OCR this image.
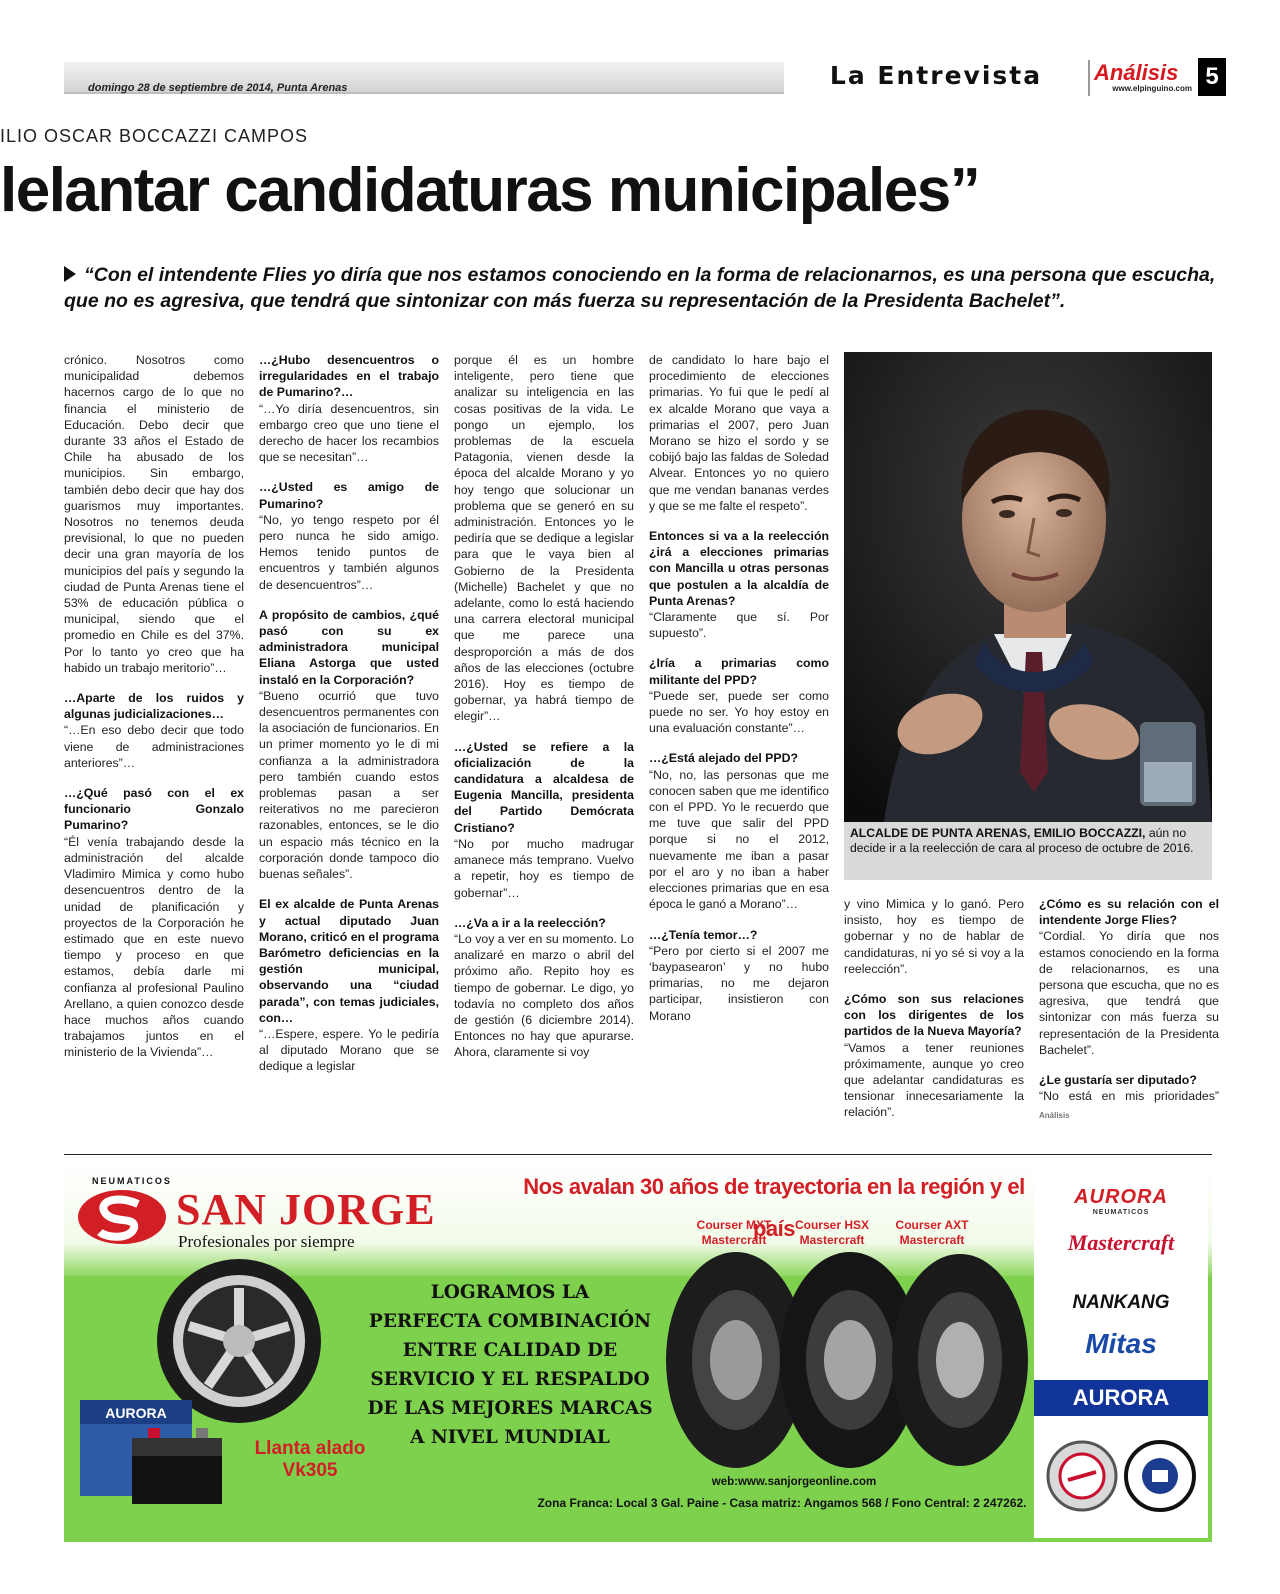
domingo 28 de septiembre de 2014, Punta Arenas	La Entrevista	Análisis
www.elpinguino.com 5
ILIO OSCAR BOCCAZZI CAMPOS
lelantar candidaturas municipales”
“Con el intendente Flies yo diría que nos estamos conociendo en la forma de relacionarnos, es una persona que escucha, que no es agresiva, que tendrá que sintonizar con más fuerza su representación de la Presidenta Bachelet”.

crónico. Nosotros como municipalidad debemos hacernos cargo de lo que no financia el ministerio de Educación. Debo decir que durante 33 años el Estado de Chile ha abusado de los municipios. Sin embargo, también debo decir que hay dos guarismos muy importantes. Nosotros no tenemos deuda previsional, lo que no pueden decir una gran mayoría de los municipios del país y segundo la ciudad de Punta Arenas tiene el 53% de educación pública o municipal, siendo que el promedio en Chile es del 37%. Por lo tanto yo creo que ha habido un trabajo meritorio”…

…Aparte de los ruidos y algunas judicializaciones…

“…En eso debo decir que todo viene de administraciones anteriores”…

…¿Qué pasó con el ex funcionario Gonzalo Pumarino?

“Él venía trabajando desde la administración del alcalde Vladimiro Mimica y como hubo desencuentros dentro de la unidad de planificación y proyectos de la Corporación he estimado que en este nuevo tiempo y proceso en que estamos, debía darle mi confianza al profesional Paulino Arellano, a quien conozco desde hace muchos años cuando trabajamos juntos en el ministerio de la Vivienda”…

…¿Hubo desencuentros o irregularidades en el trabajo de Pumarino?…

“…Yo diría desencuentros, sin embargo creo que uno tiene el derecho de hacer los recambios que se necesitan”…

…¿Usted es amigo de Pumarino?

“No, yo tengo respeto por él pero nunca he sido amigo. Hemos tenido puntos de encuentros y también algunos de desencuentros”…

A propósito de cambios, ¿qué pasó con su ex administradora municipal Eliana Astorga que usted instaló en la Corporación?

“Bueno ocurrió que tuvo desencuentros permanentes con la asociación de funcionarios. En un primer momento yo le di mi confianza a la administradora pero también cuando estos problemas pasan a ser reiterativos no me parecieron razonables, entonces, se le dio un espacio más técnico en la corporación donde tampoco dio buenas señales”.

El ex alcalde de Punta Arenas y actual diputado Juan Morano, criticó en el programa Barómetro deficiencias en la gestión municipal, observando una “ciudad parada”, con temas judiciales, con…

“…Espere, espere. Yo le pediría al diputado Morano que se dedique a legislar

porque él es un hombre inteligente, pero tiene que analizar su inteligencia en las cosas positivas de la vida. Le pongo un ejemplo, los problemas de la escuela Patagonia, vienen desde la época del alcalde Morano y yo hoy tengo que solucionar un problema que se generó en su administración. Entonces yo le pediría que se dedique a legislar para que le vaya bien al Gobierno de la Presidenta (Michelle) Bachelet y que no adelante, como lo está haciendo una carrera electoral municipal que me parece una desproporción a más de dos años de las elecciones (octubre 2016). Hoy es tiempo de gobernar, ya habrá tiempo de elegir”…

…¿Usted se refiere a la oficialización de la candidatura a alcaldesa de Eugenia Mancilla, presidenta del Partido Demócrata Cristiano?

“No por mucho madrugar amanece más temprano. Vuelvo a repetir, hoy es tiempo de gobernar”…

…¿Va a ir a la reelección?

“Lo voy a ver en su momento. Lo analizaré en marzo o abril del próximo año. Repito hoy es tiempo de gobernar. Le digo, yo todavía no completo dos años de gestión (6 diciembre 2014). Entonces no hay que apurarse. Ahora, claramente si voy

de candidato lo hare bajo el procedimiento de elecciones primarias. Yo fui que le pedí al ex alcalde Morano que vaya a primarias el 2007, pero Juan Morano se hizo el sordo y se cobijó bajo las faldas de Soledad Alvear. Entonces yo no quiero que me vendan bananas verdes y que se me falte el respeto”.

Entonces si va a la reelección ¿irá a elecciones primarias con Mancilla u otras personas que postulen a la alcaldía de Punta Arenas?

“Claramente que sí. Por supuesto”.

¿Iría a primarias como militante del PPD?

“Puede ser, puede ser como puede no ser. Yo hoy estoy en una evaluación constante”…

…¿Está alejado del PPD?

“No, no, las personas que me conocen saben que me identifico con el PPD. Yo le recuerdo que me tuve que salir del PPD porque si no el 2012, nuevamente me iban a pasar por el aro y no iban a haber elecciones primarias que en esa época le ganó a Morano”…

…¿Tenía temor…?

“Pero por cierto si el 2007 me ‘baypasearon’ y no hubo primarias, no me dejaron participar, insistieron con Morano

y vino Mimica y lo ganó. Pero insisto, hoy es tiempo de gobernar y no de hablar de candidaturas, ni yo sé si voy a la reelección”.

¿Cómo son sus relaciones con los dirigentes de los partidos de la Nueva Mayoría?

“Vamos a tener reuniones próximamente, aunque yo creo que adelantar candidaturas es tensionar innecesariamente la relación”.

¿Cómo es su relación con el intendente Jorge Flies?

“Cordial. Yo diría que nos estamos conociendo en la forma de relacionarnos, es una persona que escucha, que no es agresiva, que tendrá que sintonizar con más fuerza su representación de la Presidenta Bachelet”.

¿Le gustaría ser diputado?

“No está en mis prioridades” Análisis

ALCALDE DE PUNTA ARENAS, EMILIO BOCCAZZI, aún no decide ir a la reelección de cara al proceso de octubre de 2016.
AURORA
NEUMATICOS
Mastercraft
NANKANG
Mitas
AURORA
NEUMATICOS
SAN JORGE
Profesionales por siempre
Nos avalan 30 años de trayectoria en la región y el país
LOGRAMOS LA
PERFECTA COMBINACIÓN
ENTRE CALIDAD DE
SERVICIO Y EL RESPALDO
DE LAS MEJORES MARCAS
A NIVEL MUNDIAL
Courser MXT Mastercraft
Courser HSX Mastercraft
Courser AXT Mastercraft
AURORA
Llanta alado Vk305
web:www.sanjorgeonline.com
Zona Franca: Local 3 Gal. Paine - Casa matriz: Angamos 568 / Fono Central: 2 247262.
